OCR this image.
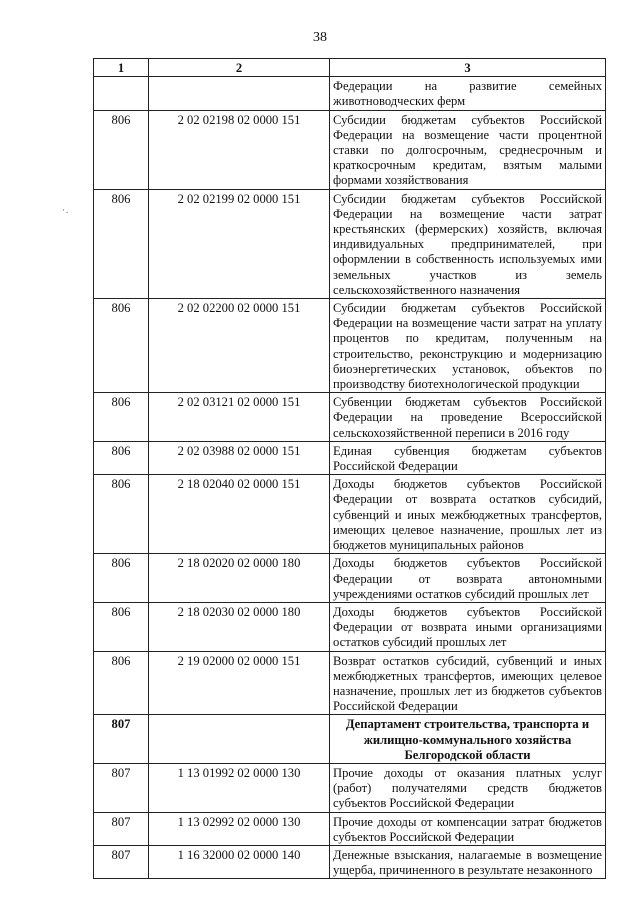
38
·.
1	2	3
		Федерации на развитие семейных животноводческих ферм
806	2 02 02198 02 0000 151	Субсидии бюджетам субъектов Российской Федерации на возмещение части процентной ставки по долгосрочным, среднесрочным и краткосрочным кредитам, взятым малыми формами хозяйствования
806	2 02 02199 02 0000 151	Субсидии бюджетам субъектов Российской Федерации на возмещение части затрат крестьянских (фермерских) хозяйств, включая индивидуальных предпринимателей, при оформлении в собственность используемых ими земельных участков из земель сельскохозяйственного назначения
806	2 02 02200 02 0000 151	Субсидии бюджетам субъектов Российской Федерации на возмещение части затрат на уплату процентов по кредитам, полученным на строительство, реконструкцию и модернизацию биоэнергетических установок, объектов по производству биотехнологической продукции
806	2 02 03121 02 0000 151	Субвенции бюджетам субъектов Российской Федерации на проведение Всероссийской сельскохозяйственной переписи в 2016 году
806	2 02 03988 02 0000 151	Единая субвенция бюджетам субъектов Российской Федерации
806	2 18 02040 02 0000 151	Доходы бюджетов субъектов Российской Федерации от возврата остатков субсидий, субвенций и иных межбюджетных трансфертов, имеющих целевое назначение, прошлых лет из бюджетов муниципальных районов
806	2 18 02020 02 0000 180	Доходы бюджетов субъектов Российской Федерации от возврата автономными учреждениями остатков субсидий прошлых лет
806	2 18 02030 02 0000 180	Доходы бюджетов субъектов Российской Федерации от возврата иными организациями остатков субсидий прошлых лет
806	2 19 02000 02 0000 151	Возврат остатков субсидий, субвенций и иных межбюджетных трансфертов, имеющих целевое назначение, прошлых лет из бюджетов субъектов Российской Федерации
807		Департамент строительства, транспорта и жилищно-коммунального хозяйства Белгородской области
807	1 13 01992 02 0000 130	Прочие доходы от оказания платных услуг (работ) получателями средств бюджетов субъектов Российской Федерации
807	1 13 02992 02 0000 130	Прочие доходы от компенсации затрат бюджетов субъектов Российской Федерации
807	1 16 32000 02 0000 140	Денежные взыскания, налагаемые в возмещение ущерба, причиненного в результате незаконного
